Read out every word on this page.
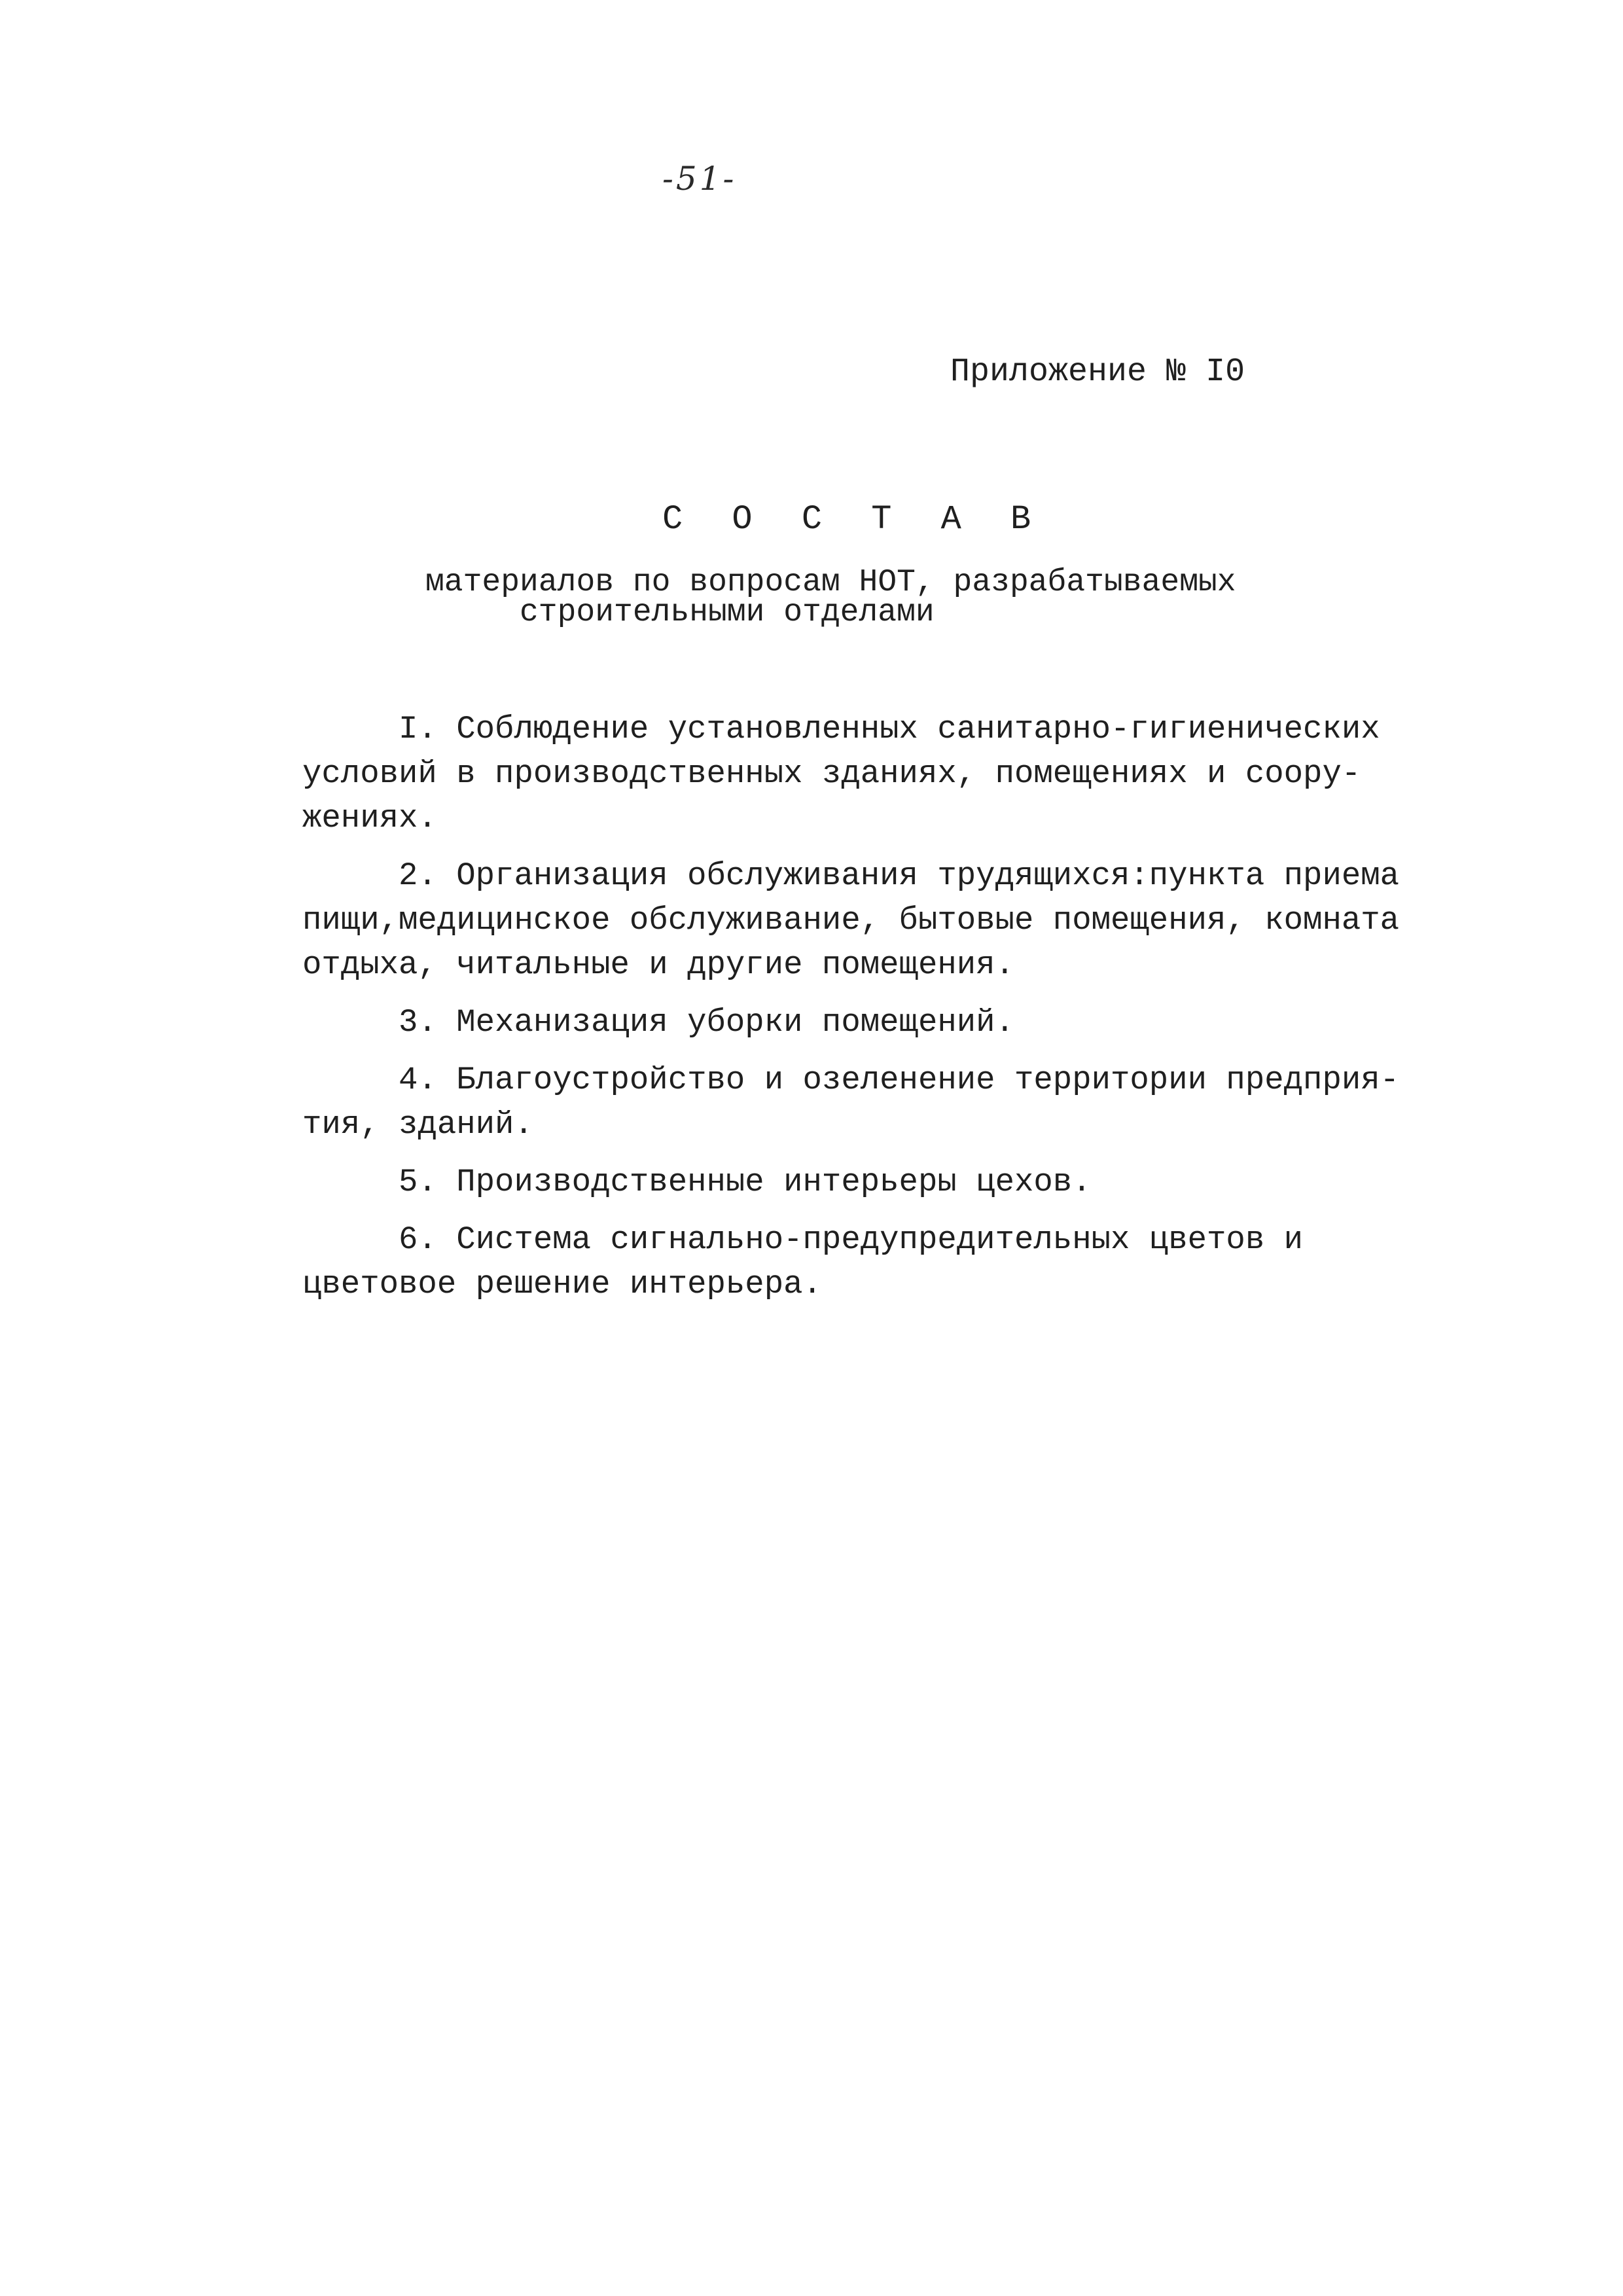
-51-
Приложение № I0
С О С Т А В
материалов по вопросам НОТ, разрабатываемых
строительными отделами
I. Соблюдение установленных санитарно-гигиенических
условий в производственных зданиях, помещениях и соору-
жениях.
2. Организация обслуживания трудящихся:пункта приема
пищи,медицинское обслуживание, бытовые помещения, комната
отдыха, читальные и другие помещения.
3. Механизация уборки помещений.
4. Благоустройство и озеленение территории предприя-
тия, зданий.
5. Производственные интерьеры цехов.
6. Система сигнально-предупредительных цветов и
цветовое решение интерьера.
